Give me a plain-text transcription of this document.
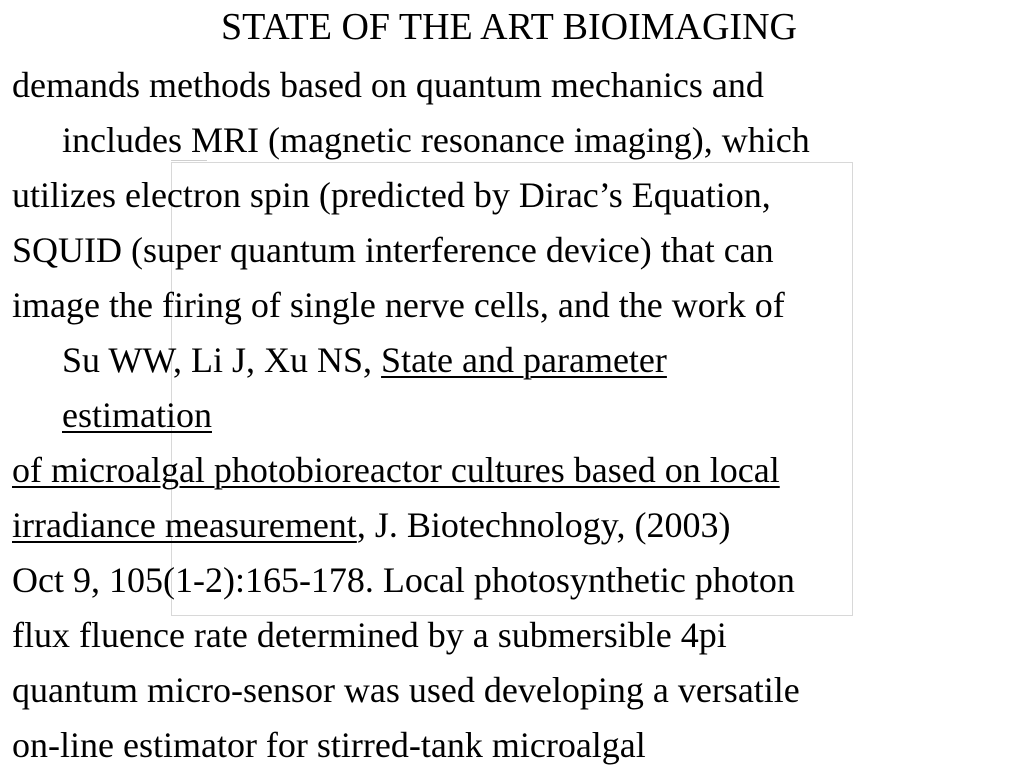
STATE OF THE ART BIOIMAGING
demands methods based on quantum mechanics and
includes MRI (magnetic resonance imaging), which
utilizes electron spin (predicted by Dirac’s Equation,
SQUID (super quantum interference device) that can
image the firing of single nerve cells, and the work of
Su WW, Li J, Xu NS, State and parameter
estimation
of microalgal photobioreactor cultures based on local
irradiance measurement, J. Biotechnology, (2003)
Oct 9, 105(1-2):165-178. Local photosynthetic photon
flux fluence rate determined by a submersible 4pi
quantum micro-sensor was used developing a versatile
on-line estimator for stirred-tank microalgal
